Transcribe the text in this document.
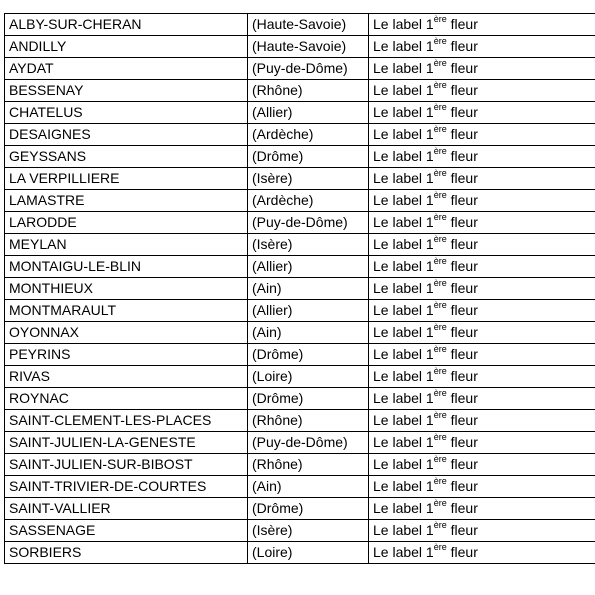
ALBY-SUR-CHERAN	(Haute-Savoie)	Le label 1ère fleur
ANDILLY	(Haute-Savoie)	Le label 1ère fleur
AYDAT	(Puy-de-Dôme)	Le label 1ère fleur
BESSENAY	(Rhône)	Le label 1ère fleur
CHATELUS	(Allier)	Le label 1ère fleur
DESAIGNES	(Ardèche)	Le label 1ère fleur
GEYSSANS	(Drôme)	Le label 1ère fleur
LA VERPILLIERE	(Isère)	Le label 1ère fleur
LAMASTRE	(Ardèche)	Le label 1ère fleur
LARODDE	(Puy-de-Dôme)	Le label 1ère fleur
MEYLAN	(Isère)	Le label 1ère fleur
MONTAIGU-LE-BLIN	(Allier)	Le label 1ère fleur
MONTHIEUX	(Ain)	Le label 1ère fleur
MONTMARAULT	(Allier)	Le label 1ère fleur
OYONNAX	(Ain)	Le label 1ère fleur
PEYRINS	(Drôme)	Le label 1ère fleur
RIVAS	(Loire)	Le label 1ère fleur
ROYNAC	(Drôme)	Le label 1ère fleur
SAINT-CLEMENT-LES-PLACES	(Rhône)	Le label 1ère fleur
SAINT-JULIEN-LA-GENESTE	(Puy-de-Dôme)	Le label 1ère fleur
SAINT-JULIEN-SUR-BIBOST	(Rhône)	Le label 1ère fleur
SAINT-TRIVIER-DE-COURTES	(Ain)	Le label 1ère fleur
SAINT-VALLIER	(Drôme)	Le label 1ère fleur
SASSENAGE	(Isère)	Le label 1ère fleur
SORBIERS	(Loire)	Le label 1ère fleur
